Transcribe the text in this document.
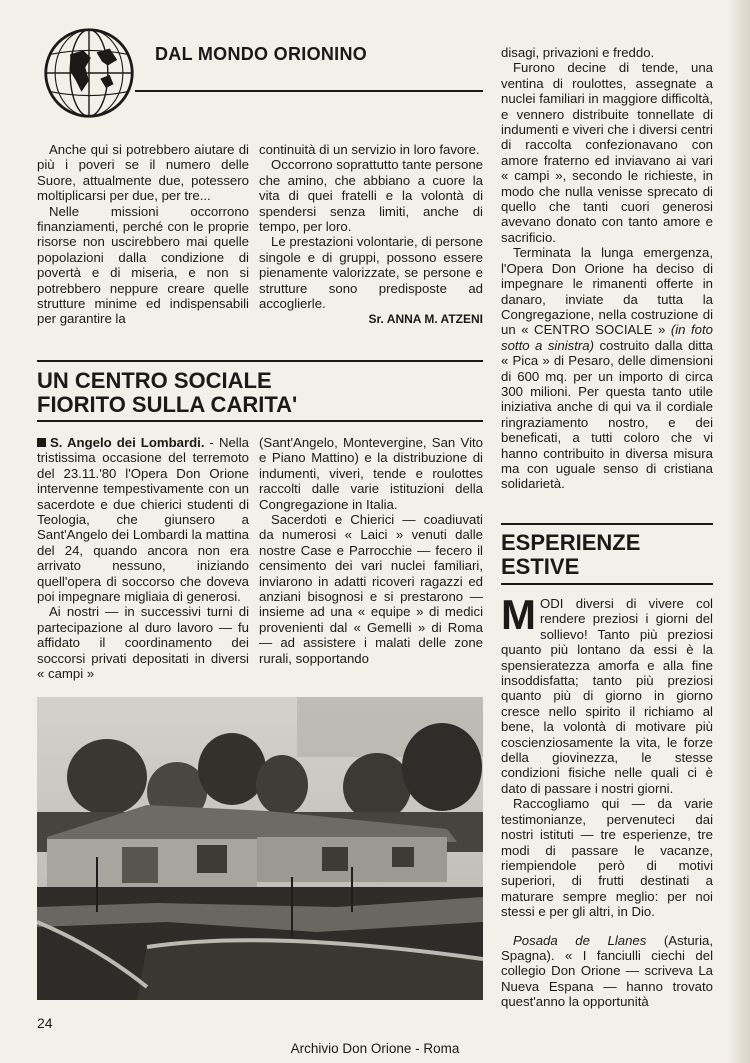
DAL MONDO ORIONINO

Anche qui si potrebbero aiutare di più i poveri se il numero delle Suore, attualmente due, potessero moltiplicarsi per due, per tre...

Nelle missioni occorrono finanziamenti, perché con le proprie risorse non uscirebbero mai quelle popolazioni dalla condizione di povertà e di miseria, e non si potrebbero neppure creare quelle strutture minime ed indispensabili per garantire la

continuità di un servizio in loro favore.

Occorrono soprattutto tante persone che amino, che abbiano a cuore la vita di quei fratelli e la volontà di spendersi senza limiti, anche di tempo, per loro.

Le prestazioni volontarie, di persone singole e di gruppi, possono essere pienamente valorizzate, se persone e strutture sono predisposte ad accoglierle.

Sr. ANNA M. ATZENI
UN CENTRO SOCIALE
FIORITO SULLA CARITA'

S. Angelo dei Lombardi. - Nella tristissima occasione del terremoto del 23.11.'80 l'Opera Don Orione intervenne tempestivamente con un sacerdote e due chierici studenti di Teologia, che giunsero a Sant'Angelo dei Lombardi la mattina del 24, quando ancora non era arrivato nessuno, iniziando quell'opera di soccorso che doveva poi impegnare migliaia di generosi.

Ai nostri — in successivi turni di partecipazione al duro lavoro — fu affidato il coordinamento dei soccorsi privati depositati in diversi « campi »

(Sant'Angelo, Montevergine, San Vito e Piano Mattino) e la distribuzione di indumenti, viveri, tende e roulottes raccolti dalle varie istituzioni della Congregazione in Italia.

Sacerdoti e Chierici — coadiuvati da numerosi « Laici » venuti dalle nostre Case e Parrocchie — fecero il censimento dei vari nuclei familiari, inviarono in adatti ricoveri ragazzi ed anziani bisognosi e si prestarono — insieme ad una « equipe » di medici provenienti dal « Gemelli » di Roma — ad assistere i malati delle zone rurali, sopportando

disagi, privazioni e freddo.

Furono decine di tende, una ventina di roulottes, assegnate a nuclei familiari in maggiore difficoltà, e vennero distribuite tonnellate di indumenti e viveri che i diversi centri di raccolta confezionavano con amore fraterno ed inviavano ai vari « campi », secondo le richieste, in modo che nulla venisse sprecato di quello che tanti cuori generosi avevano donato con tanto amore e sacrificio.

Terminata la lunga emergenza, l'Opera Don Orione ha deciso di impegnare le rimanenti offerte in danaro, inviate da tutta la Congregazione, nella costruzione di un « CENTRO SOCIALE » (in foto sotto a sinistra) costruito dalla ditta « Pica » di Pesaro, delle dimensioni di 600 mq. per un importo di circa 300 milioni. Per questa tanto utile iniziativa anche di qui va il cordiale ringraziamento nostro, e dei beneficati, a tutti coloro che vi hanno contribuito in diversa misura ma con uguale senso di cristiana solidarietà.

ESPERIENZE
ESTIVE

MODI diversi di vivere col rendere preziosi i giorni del sollievo! Tanto più preziosi quanto più lontano da essi è la spensieratezza amorfa e alla fine insoddisfatta; tanto più preziosi quanto più di giorno in giorno cresce nello spirito il richiamo al bene, la volontà di motivare più coscienziosamente la vita, le forze della giovinezza, le stesse condizioni fisiche nelle quali ci è dato di passare i nostri giorni.

Raccogliamo qui — da varie testimonianze, pervenuteci dai nostri istituti — tre esperienze, tre modi di passare le vacanze, riempiendole però di motivi superiori, di frutti destinati a maturare sempre meglio: per noi stessi e per gli altri, in Dio.

Posada de Llanes (Asturia, Spagna). « I fanciulli ciechi del collegio Don Orione — scriveva La Nueva Espana — hanno trovato quest'anno la opportunità

24
Archivio Don Orione - Roma
